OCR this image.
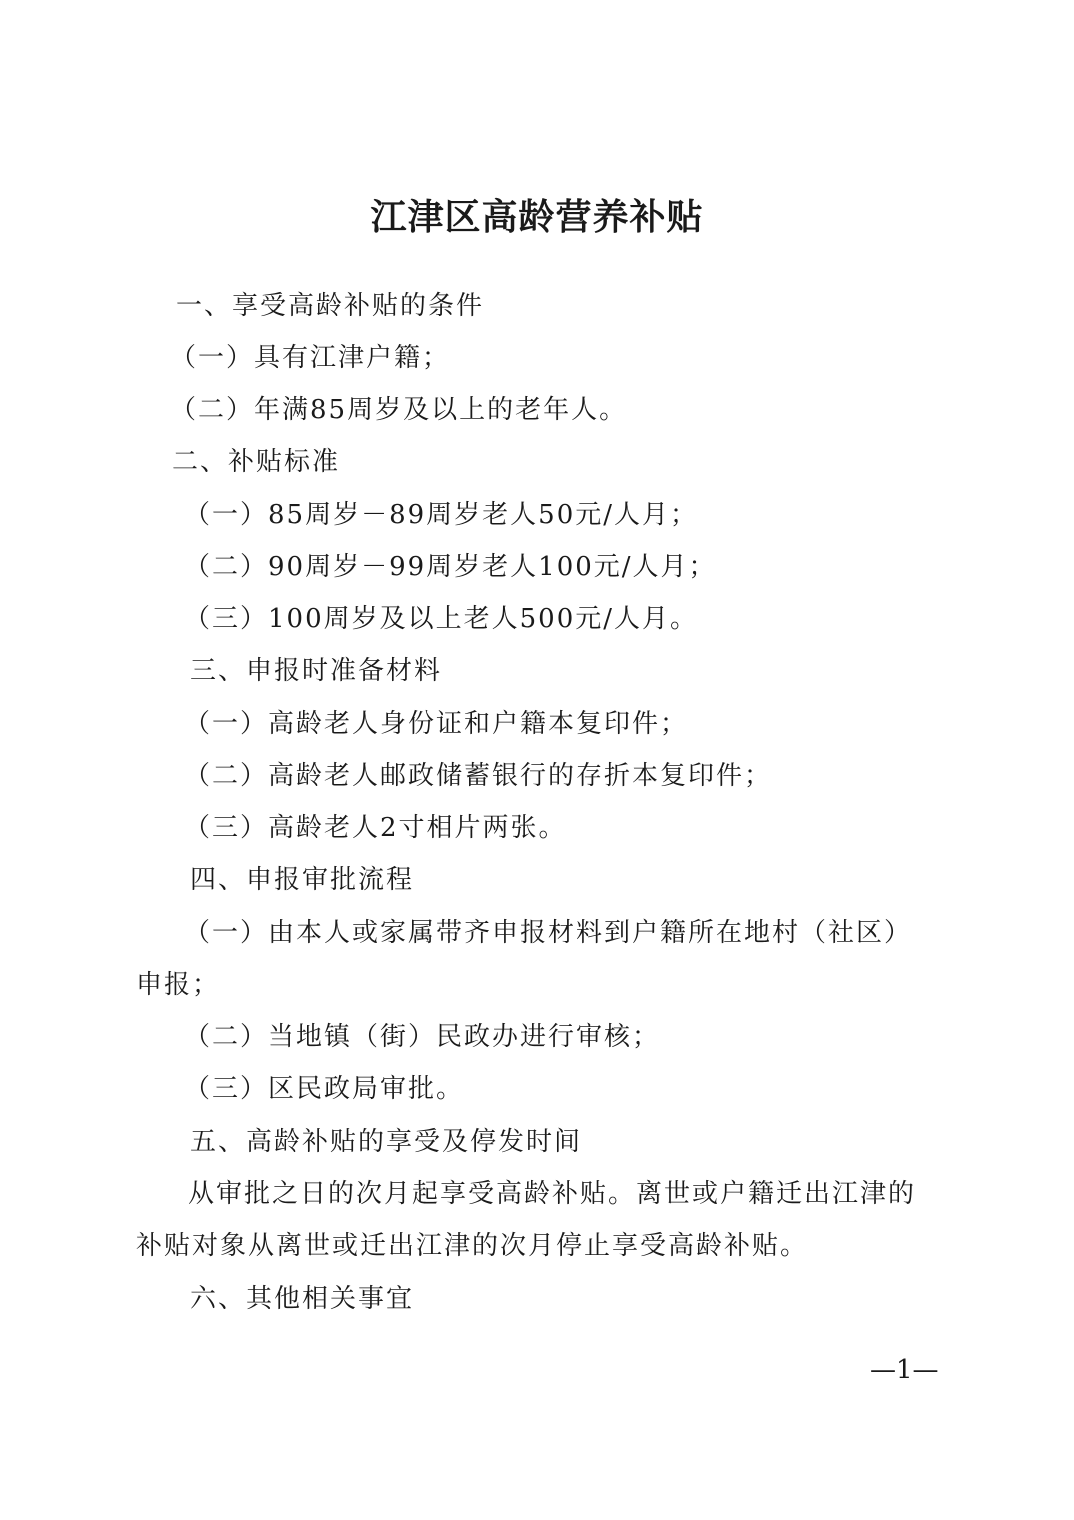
江津区高龄营养补贴
一、享受高龄补贴的条件
（一）具有江津户籍；
（二）年满85周岁及以上的老年人。
二、补贴标准
（一）85周岁－89周岁老人50元/人月；
（二）90周岁－99周岁老人100元/人月；
（三）100周岁及以上老人500元/人月。
三、申报时准备材料
（一）高龄老人身份证和户籍本复印件；
（二）高龄老人邮政储蓄银行的存折本复印件；
（三）高龄老人2寸相片两张。
四、申报审批流程
（一）由本人或家属带齐申报材料到户籍所在地村（社区）
申报；
（二）当地镇（街）民政办进行审核；
（三）区民政局审批。
五、高龄补贴的享受及停发时间
从审批之日的次月起享受高龄补贴。离世或户籍迁出江津的
补贴对象从离世或迁出江津的次月停止享受高龄补贴。
六、其他相关事宜
—1—
